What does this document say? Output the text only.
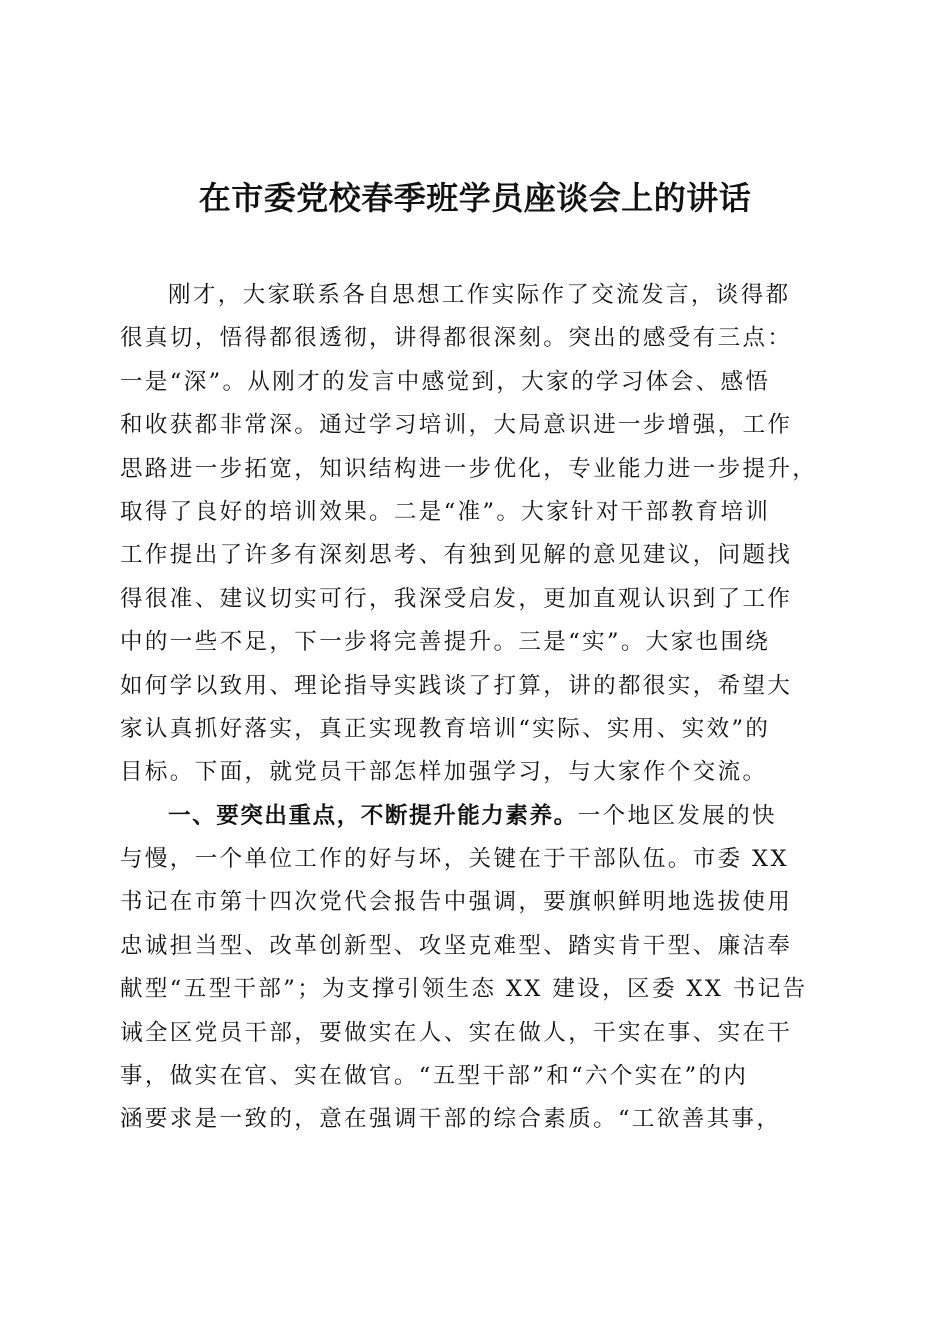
在市委党校春季班学员座谈会上的讲话
刚才，大家联系各自思想工作实际作了交流发言，谈得都
很真切，悟得都很透彻，讲得都很深刻。突出的感受有三点：
一是“深”。从刚才的发言中感觉到，大家的学习体会、感悟
和收获都非常深。通过学习培训，大局意识进一步增强，工作
思路进一步拓宽，知识结构进一步优化，专业能力进一步提升，
取得了良好的培训效果。二是“准”。大家针对干部教育培训
工作提出了许多有深刻思考、有独到见解的意见建议，问题找
得很准、建议切实可行，我深受启发，更加直观认识到了工作
中的一些不足，下一步将完善提升。三是“实”。大家也围绕
如何学以致用、理论指导实践谈了打算，讲的都很实，希望大
家认真抓好落实，真正实现教育培训“实际、实用、实效”的
目标。下面，就党员干部怎样加强学习，与大家作个交流。
一、要突出重点，不断提升能力素养。一个地区发展的快
与慢，一个单位工作的好与坏，关键在于干部队伍。市委 XX
书记在市第十四次党代会报告中强调，要旗帜鲜明地选拔使用
忠诚担当型、改革创新型、攻坚克难型、踏实肯干型、廉洁奉
献型“五型干部”；为支撑引领生态 XX 建设，区委 XX 书记告
诫全区党员干部，要做实在人、实在做人，干实在事、实在干
事，做实在官、实在做官。“五型干部”和“六个实在”的内
涵要求是一致的，意在强调干部的综合素质。“工欲善其事，
